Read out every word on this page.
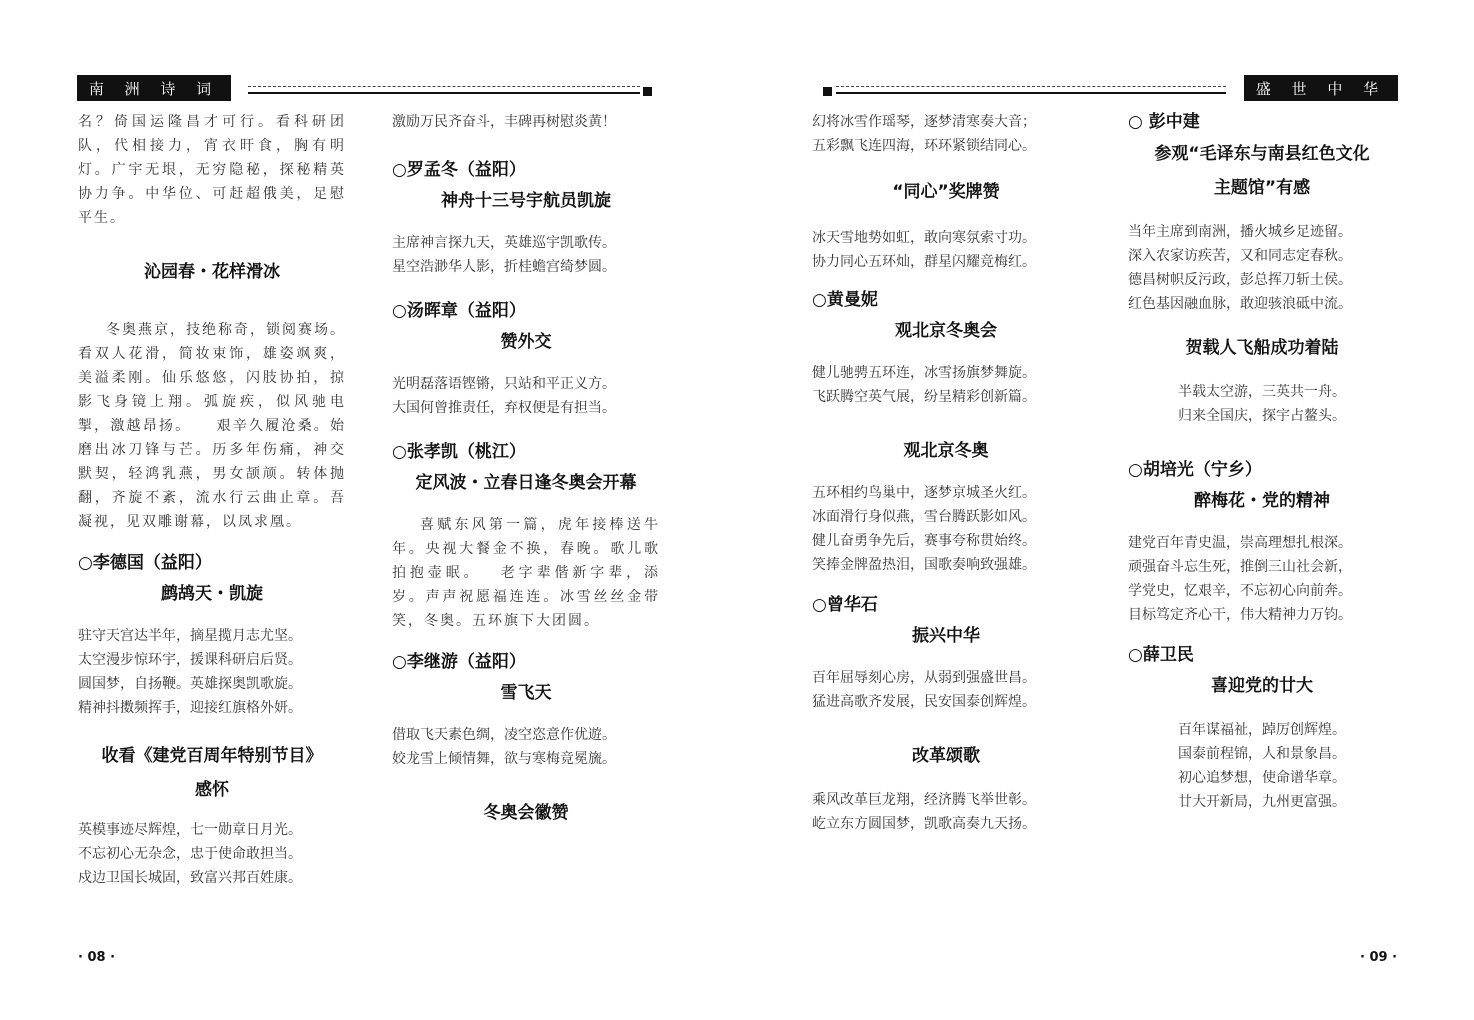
南 洲 诗 词	盛 世 中 华

名？倚国运隆昌才可行。看科研团队，代相接力，宵衣旰食，胸有明灯。广宇无垠，无穷隐秘，探秘精英协力争。中华位、可赶超俄美，足慰平生。

沁园春・花样滑冰

冬奥燕京，技绝称奇，锁阅赛场。看双人花滑，简妆束饰，雄姿飒爽，美溢柔刚。仙乐悠悠，闪肢协拍，掠影飞身镜上翔。弧旋疾，似风驰电掣，激越昂扬。　　艰辛久履沧桑。始磨出冰刀锋与芒。历多年伤痛，神交默契，轻鸿乳燕，男女颉颃。转体抛翻，齐旋不紊，流水行云曲止章。吾凝视，见双雕谢幕，以凤求凰。

○李德国（益阳）

鹧鸪天・凯旋

驻守天宫达半年，摘星揽月志尤坚。

太空漫步惊环宇，援课科研启后贤。

圆国梦，自扬鞭。英雄探奥凯歌旋。

精神抖擞频挥手，迎接红旗格外妍。

收看《建党百周年特别节目》

感怀

英模事迹尽辉煌，七一勋章日月光。

不忘初心无杂念，忠于使命敢担当。

戍边卫国长城固，致富兴邦百姓康。

激励万民齐奋斗，丰碑再树慰炎黄！

○罗孟冬（益阳）

神舟十三号宇航员凯旋

主席神言探九天，英雄巡宇凯歌传。

星空浩渺华人影，折桂蟾宫绮梦圆。

○汤晖章（益阳）

赞外交

光明磊落语铿锵，只站和平正义方。

大国何曾推责任，弃权便是有担当。

○张孝凯（桃江）

定风波・立春日逢冬奥会开幕

喜赋东风第一篇，虎年接棒送牛年。央视大餐金不换，春晚。歌儿歌拍抱壶眠。　 老字辈偕新字辈，添岁。声声祝愿福连连。冰雪丝丝金带笑，冬奥。五环旗下大团圆。

○李继游（益阳）

雪飞天

借取飞天素色绸，凌空恣意作优遊。

姣龙雪上倾情舞，欲与寒梅竞冕旒。

冬奥会徽赞

幻将冰雪作瑶琴，逐梦清寒奏大音；

五彩飘飞连四海，环环紧锁结同心。

“同心”奖牌赞

冰天雪地势如虹，敢向寒氛索寸功。

协力同心五环灿，群星闪耀竞梅红。

○黄曼妮

观北京冬奥会

健儿驰骋五环连，冰雪扬旗梦舞旋。

飞跃腾空英气展，纷呈精彩创新篇。

观北京冬奥

五环相约鸟巢中，逐梦京城圣火红。

冰面滑行身似燕，雪台腾跃影如风。

健儿奋勇争先后，赛事夸称贯始终。

笑捧金牌盈热泪，国歌奏响致强雄。

○曾华石

振兴中华

百年屈辱刻心房，从弱到强盛世昌。

猛进高歌齐发展，民安国泰创辉煌。

改革颂歌

乘风改革巨龙翔，经济腾飞举世彰。

屹立东方圆国梦，凯歌高奏九天扬。

○ 彭中建

参观“毛译东与南县红色文化

主题馆”有感

当年主席到南洲，播火城乡足迹留。

深入农家访疾苦，又和同志定春秋。

德昌树帜反污政，彭总挥刀斩土侯。

红色基因融血脉，敢迎骇浪砥中流。

贺载人飞船成功着陆

半载太空游，三英共一舟。

归来全国庆，探宇占鳌头。

○胡培光（宁乡）

醉梅花・党的精神

建党百年青史温，崇高理想扎根深。

顽强奋斗忘生死，推倒三山社会新，

学党史，忆艰辛，不忘初心向前奔。

目标笃定齐心干，伟大精神力万钧。

○薛卫民

喜迎党的廿大

百年谋福祉，踔厉创辉煌。

国泰前程锦，人和景象昌。

初心追梦想，使命谱华章。

廿大开新局，九州更富强。

· 08 ·	· 09 ·
